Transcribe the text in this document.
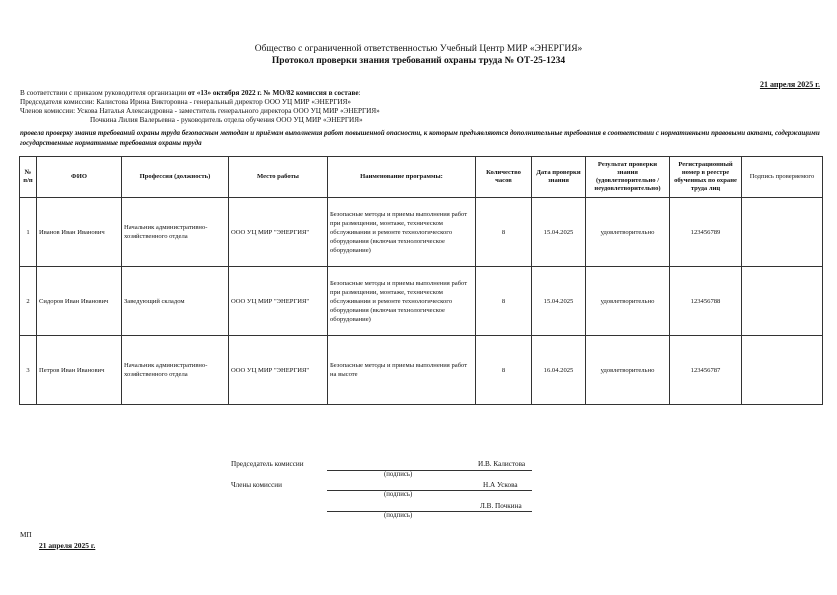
Общество с ограниченной ответственностью Учебный Центр МИР «ЭНЕРГИЯ»
Протокол проверки знания требований охраны труда № ОТ-25-1234
21 апреля 2025 г.
В соответствии с приказом руководителя организации от «13» октября 2022 г. № МО/82 комиссия в составе:
Председателя комиссии: Калистова Ирина Викторовна - генеральный директор ООО УЦ МИР «ЭНЕРГИЯ»
Членов комиссии: Ускова Наталья Александровна - заместитель генерального директора ООО УЦ МИР «ЭНЕРГИЯ»
Почкина Лилия Валерьевна - руководитель отдела обучения ООО УЦ МИР «ЭНЕРГИЯ»
провела проверку знания требований охраны труда безопасным методам и приёмам выполнения работ повышенной опасности, к которым предъявляются дополнительные требования в соответствии с нормативными правовыми актами, содержащими государственные нормативные требования охраны труда
№ п/п	ФИО	Профессия (должность)	Место работы	Наименование программы:	Количество часов	Дата проверки знания	Результат проверки знания (удовлетворительно / неудовлетворительно)	Регистрационный номер в реестре обученных по охране труда лиц	Подпись проверяемого
1	Иванов Иван Иванович	Начальник административно-хозяйственного отдела	ООО УЦ МИР "ЭНЕРГИЯ"	Безопасные методы и приемы выполнения работ при размещении, монтаже, техническом обслуживании и ремонте технологического оборудования (включая технологическое оборудование)	8	15.04.2025	удовлетворительно	123456789	
2	Сидоров Иван Иванович	Заведующий складом	ООО УЦ МИР "ЭНЕРГИЯ"	Безопасные методы и приемы выполнения работ при размещении, монтаже, техническом обслуживании и ремонте технологического оборудования (включая технологическое оборудование)	8	15.04.2025	удовлетворительно	123456788	
3	Петров Иван Иванович	Начальник административно-хозяйственного отдела	ООО УЦ МИР "ЭНЕРГИЯ"	Безопасные методы и приемы выполнения работ на высоте	8	16.04.2025	удовлетворительно	123456787	
Председатель комиссии	И.В. Калистова
(подпись)
Члены комиссии	Н.А Ускова
(подпись)
Л.В. Почкина
(подпись)
МП
21 апреля 2025 г.
